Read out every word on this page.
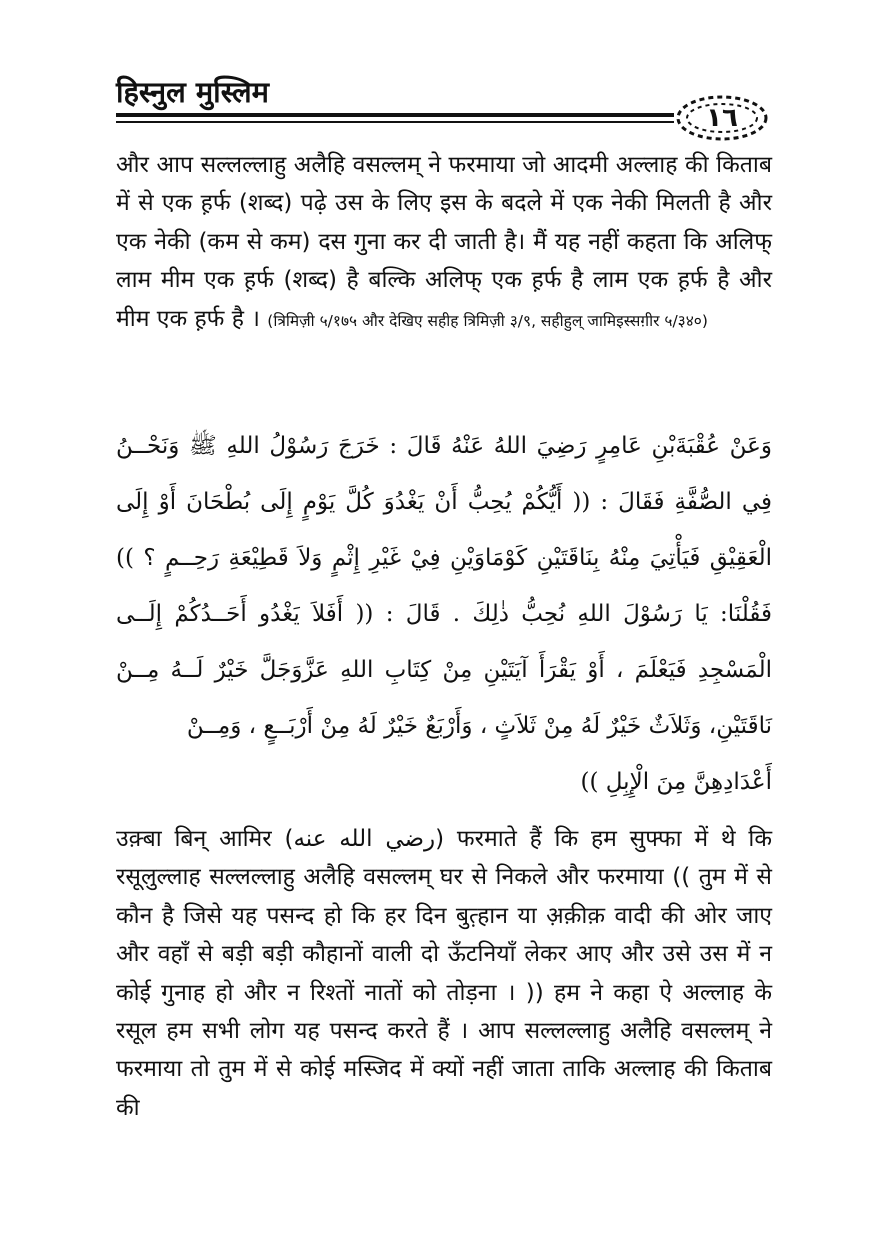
हिस्नुल मुस्लिम
١٦
और आप सल्लल्लाहु अलैहि वसल्लम् ने फरमाया जो आदमी अल्लाह की किताब में से एक ह़र्फ (शब्द) पढ़े उस के लिए इस के बदले में एक नेकी मिलती है और एक नेकी (कम से कम) दस गुना कर दी जाती है। मैं यह नहीं कहता कि अलिफ् लाम मीम एक ह़र्फ (शब्द) है बल्कि अलिफ् एक ह़र्फ है लाम एक ह़र्फ है और मीम एक ह़र्फ है । (त्रिमिज़ी ५/१७५ और देखिए सहीह त्रिमिज़ी ३/९, सहीहुल् जामिइस्सग़ीर ५/३४०)
وَعَنْ عُقْبَةَبْنِ عَامِرٍ رَضِيَ اللهُ عَنْهُ قَالَ : خَرَجَ رَسُوْلُ اللهِ ﷺ وَنَحْــنُ فِي الصُّفَّةِ فَقَالَ : (( أَيُّكُمْ يُحِبُّ أَنْ يَغْدُوَ كُلَّ يَوْمٍ إِلَى بُطْحَانَ أَوْ إِلَى الْعَقِيْقِ فَيَأْتِيَ مِنْهُ بِنَاقَتَيْنِ كَوْمَاوَيْنِ فِيْ غَيْرِ إِثْمٍ وَلاَ قَطِيْعَةِ رَحِــمٍ ؟ )) فَقُلْنَا: يَا رَسُوْلَ اللهِ نُحِبُّ ذٰلِكَ . قَالَ : (( أَفَلاَ يَغْدُو أَحَــدُكُمْ إِلَــى الْمَسْجِدِ فَيَعْلَمَ ، أَوْ يَقْرَأَ آيَتَيْنِ مِنْ كِتَابِ اللهِ عَزَّوَجَلَّ خَيْرٌ لَــهُ مِــنْ نَاقَتَيْنِ، وَثَلاَثٌ خَيْرٌ لَهُ مِنْ ثَلاَثٍ ، وَأَرْبَعٌ خَيْرٌ لَهُ مِنْ أَرْبَــعٍ ، وَمِــنْ
أَعْدَادِهِنَّ مِنَ الْإِبِلِ ))
उक़्बा बिन् आमिर (رضي الله عنه) फरमाते हैं कि हम सुफ्फा में थे कि रसूलुल्लाह सल्लल्लाहु अलैहि वसल्लम् घर से निकले और फरमाया (( तुम में से कौन है जिसे यह पसन्द हो कि हर दिन बुत़्हान या अ़क़ीक़ वादी की ओर जाए और वहाँ से बड़ी बड़ी कौहानों वाली दो ऊँटनियाँ लेकर आए और उसे उस में न कोई गुनाह हो और न रिश्तों नातों को तोड़ना । )) हम ने कहा ऐ अल्लाह के रसूल हम सभी लोग यह पसन्द करते हैं । आप सल्लल्लाहु अलैहि वसल्लम् ने फरमाया तो तुम में से कोई मस्जिद में क्यों नहीं जाता ताकि अल्लाह की किताब की
